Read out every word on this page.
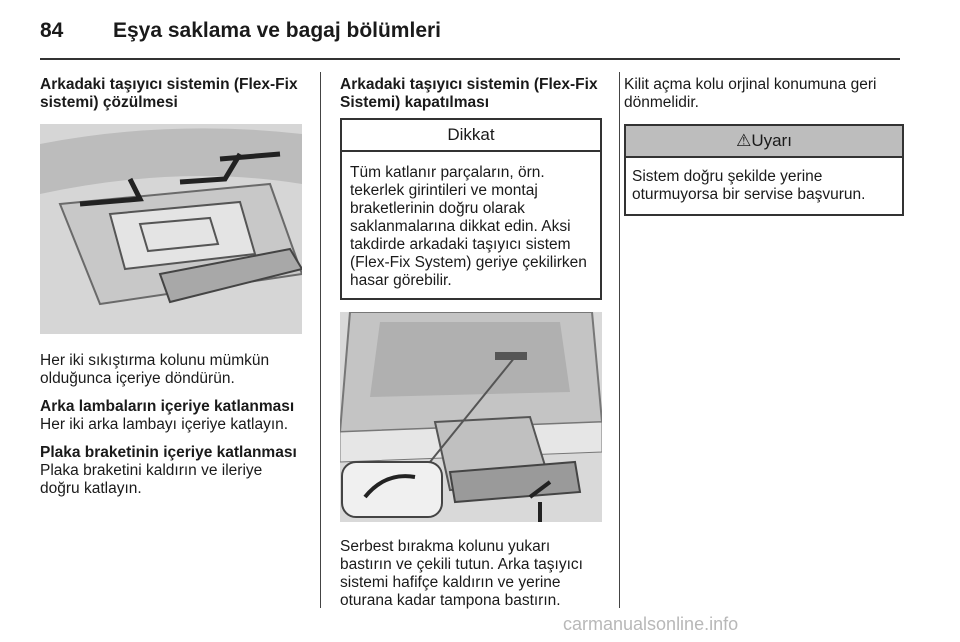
84 Eşya saklama ve bagaj bölümleri
Arkadaki taşıyıcı sistemin (Flex-Fix sistemi) çözülmesi

Her iki sıkıştırma kolunu mümkün olduğunca içeriye döndürün.

Arka lambaların içeriye katlanması
Her iki arka lambayı içeriye katlayın.

Plaka braketinin içeriye katlanması
Plaka braketini kaldırın ve ileriye doğru katlayın.

Arkadaki taşıyıcı sistemin (Flex-Fix Sistemi) kapatılması
Dikkat
Tüm katlanır parçaların, örn. tekerlek girintileri ve montaj braketlerinin doğru olarak saklanmalarına dikkat edin. Aksi takdirde arkadaki taşıyıcı sistem (Flex-Fix System) geriye çekilirken hasar görebilir.

Serbest bırakma kolunu yukarı bastırın ve çekili tutun. Arka taşıyıcı sistemi hafifçe kaldırın ve yerine oturana kadar tampona bastırın.

Kilit açma kolu orjinal konumuna geri dönmelidir.

⚠Uyarı
Sistem doğru şekilde yerine oturmuyorsa bir servise başvurun.
carmanualsonline.info
